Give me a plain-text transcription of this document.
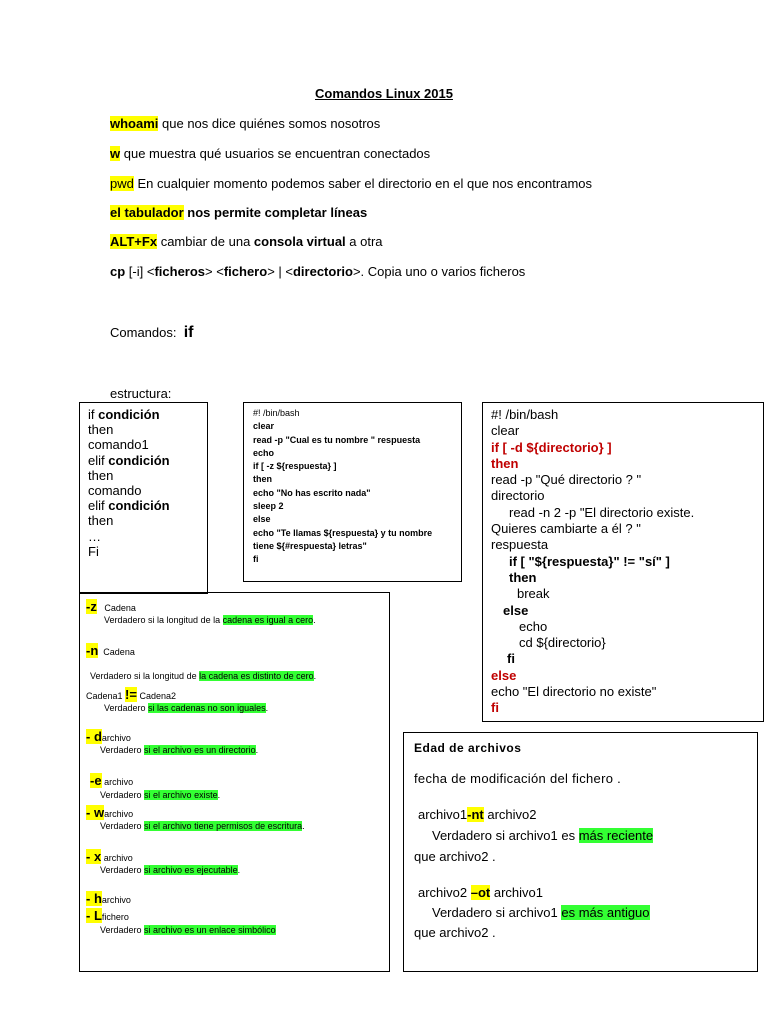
Comandos Linux 2015
whoami que nos dice quiénes somos nosotros
w que muestra qué usuarios se encuentran conectados
pwd En cualquier momento podemos saber el directorio en el que nos encontramos
el tabulador nos permite completar líneas
ALT+Fx cambiar de una consola virtual a otra
cp [-i] <ficheros> <fichero> | <directorio>. Copia uno o varios ficheros
Comandos: if
estructura:
if condición
then
comando1
elif condición
then
comando
elif condición
then
…
Fi
#! /bin/bash
clear
read -p "Cual es tu nombre " respuesta
echo
if [ -z ${respuesta} ]
then
echo "No has escrito nada"
sleep 2
else
echo "Te llamas ${respuesta} y tu nombre
tiene ${#respuesta} letras"
fi
#! /bin/bash
clear
if [ -d ${directorio} ]
then
read -p "Qué directorio ? "
directorio
read -n 2 -p "El directorio existe.
Quieres cambiarte a él ? "
respuesta
if [ "${respuesta}" != "sí" ]
then
break
else
echo
cd ${directorio}
fi
else
echo "El directorio no existe"
fi
-z Cadena
Verdadero si la longitud de la cadena es igual a cero.
-n Cadena
Verdadero si la longitud de la cadena es distinto de cero.
Cadena1 != Cadena2
Verdadero si las cadenas no son iguales.
- darchivo
Verdadero si el archivo es un directorio.
-e archivo
Verdadero si el archivo existe.
- warchivo
Verdadero si el archivo tiene permisos de escritura.
- x archivo
Verdadero si archivo es ejecutable.
- harchivo
- Lfichero
Verdadero si archivo es un enlace simbólico
Edad de archivos
fecha de modificación del fichero .
archivo1-nt archivo2
Verdadero si archivo1 es más reciente
que archivo2 .
archivo2 –ot archivo1
Verdadero si archivo1 es más antiguo
que archivo2 .
